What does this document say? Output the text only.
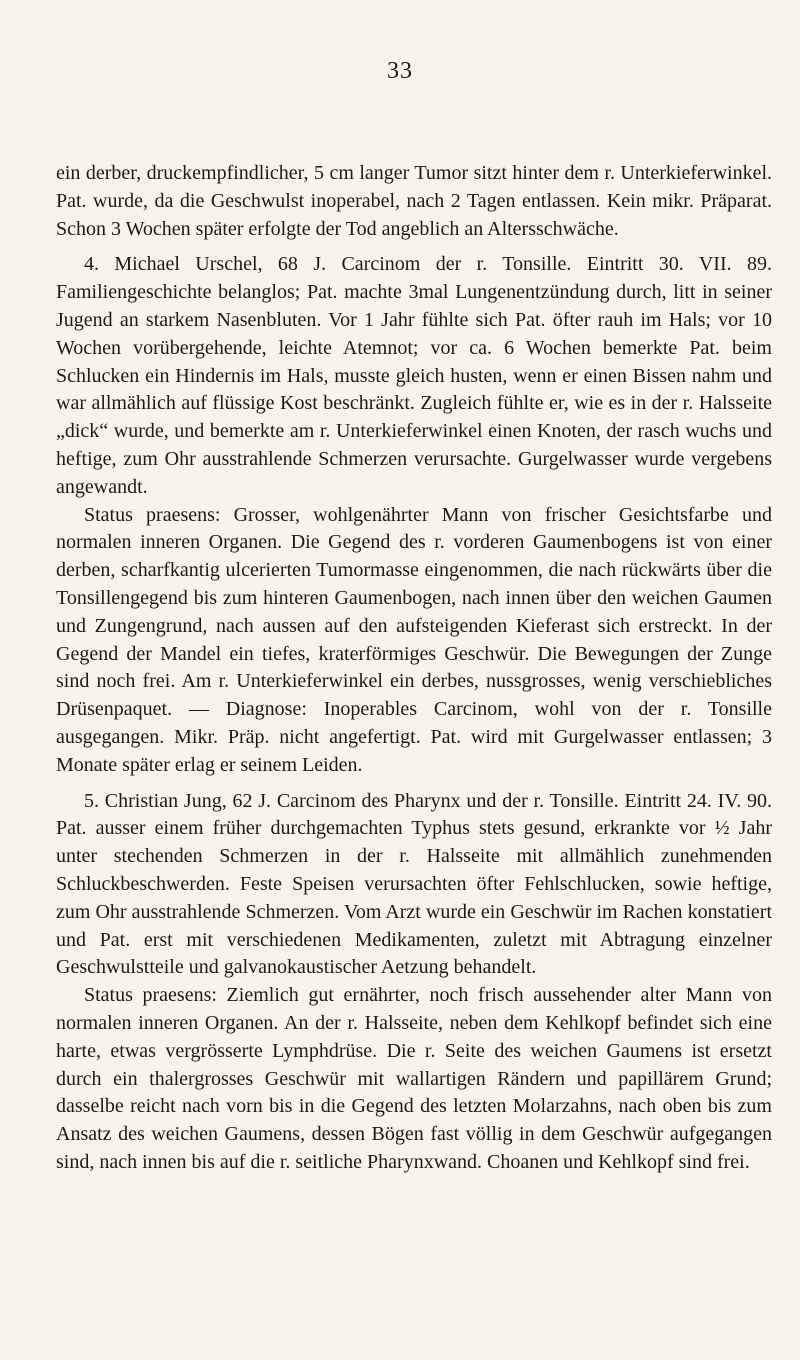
33

ein derber, druckempfindlicher, 5 cm langer Tumor sitzt hinter dem r. Unterkieferwinkel. Pat. wurde, da die Geschwulst inoperabel, nach 2 Tagen entlassen. Kein mikr. Präparat. Schon 3 Wochen später erfolgte der Tod angeblich an Altersschwäche.

4. Michael Urschel, 68 J. Carcinom der r. Tonsille. Eintritt 30. VII. 89. Familiengeschichte belanglos; Pat. machte 3mal Lungenentzündung durch, litt in seiner Jugend an starkem Nasenbluten. Vor 1 Jahr fühlte sich Pat. öfter rauh im Hals; vor 10 Wochen vorübergehende, leichte Atemnot; vor ca. 6 Wochen bemerkte Pat. beim Schlucken ein Hindernis im Hals, musste gleich husten, wenn er einen Bissen nahm und war allmählich auf flüssige Kost beschränkt. Zugleich fühlte er, wie es in der r. Halsseite „dick“ wurde, und bemerkte am r. Unterkieferwinkel einen Knoten, der rasch wuchs und heftige, zum Ohr ausstrahlende Schmerzen verursachte. Gurgelwasser wurde vergebens angewandt.

Status praesens: Grosser, wohlgenährter Mann von frischer Gesichtsfarbe und normalen inneren Organen. Die Gegend des r. vorderen Gaumenbogens ist von einer derben, scharfkantig ulcerierten Tumormasse eingenommen, die nach rückwärts über die Tonsillengegend bis zum hinteren Gaumenbogen, nach innen über den weichen Gaumen und Zungengrund, nach aussen auf den aufsteigenden Kieferast sich erstreckt. In der Gegend der Mandel ein tiefes, kraterförmiges Geschwür. Die Bewegungen der Zunge sind noch frei. Am r. Unterkieferwinkel ein derbes, nussgrosses, wenig verschiebliches Drüsenpaquet. — Diagnose: Inoperables Carcinom, wohl von der r. Tonsille ausgegangen. Mikr. Präp. nicht angefertigt. Pat. wird mit Gurgelwasser entlassen; 3 Monate später erlag er seinem Leiden.

5. Christian Jung, 62 J. Carcinom des Pharynx und der r. Tonsille. Eintritt 24. IV. 90. Pat. ausser einem früher durchgemachten Typhus stets gesund, erkrankte vor ½ Jahr unter stechenden Schmerzen in der r. Halsseite mit allmählich zunehmenden Schluckbeschwerden. Feste Speisen verursachten öfter Fehlschlucken, sowie heftige, zum Ohr ausstrahlende Schmerzen. Vom Arzt wurde ein Geschwür im Rachen konstatiert und Pat. erst mit verschiedenen Medikamenten, zuletzt mit Abtragung einzelner Geschwulstteile und galvanokaustischer Aetzung behandelt.

Status praesens: Ziemlich gut ernährter, noch frisch aussehender alter Mann von normalen inneren Organen. An der r. Halsseite, neben dem Kehlkopf befindet sich eine harte, etwas vergrösserte Lymphdrüse. Die r. Seite des weichen Gaumens ist ersetzt durch ein thalergrosses Geschwür mit wallartigen Rändern und papillärem Grund; dasselbe reicht nach vorn bis in die Gegend des letzten Molarzahns, nach oben bis zum Ansatz des weichen Gaumens, dessen Bögen fast völlig in dem Geschwür aufgegangen sind, nach innen bis auf die r. seitliche Pharynxwand. Choanen und Kehlkopf sind frei.
